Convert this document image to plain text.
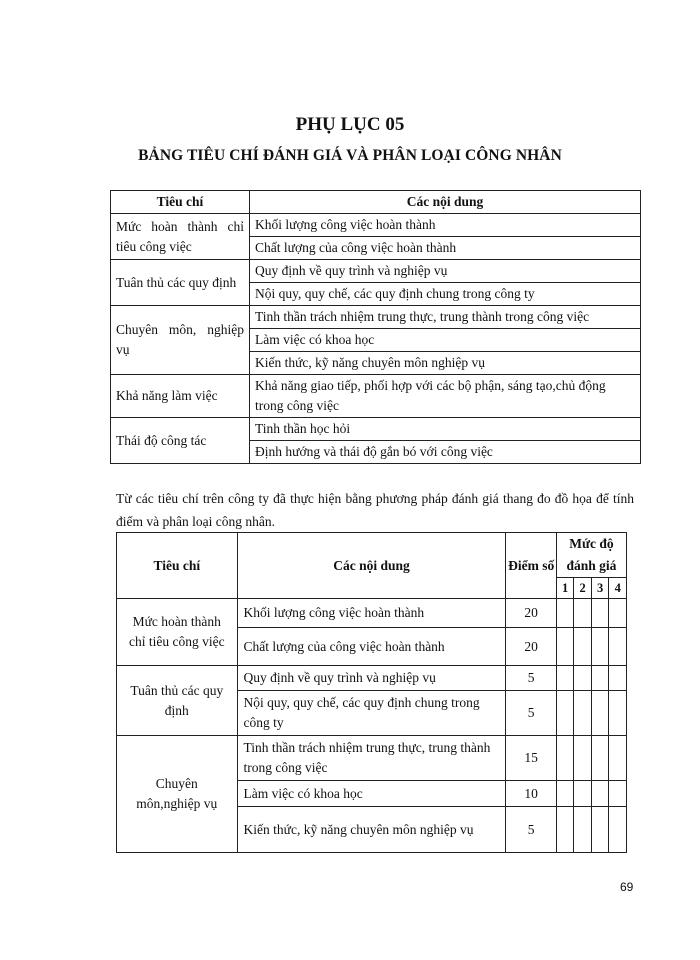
PHỤ LỤC 05
BẢNG TIÊU CHÍ ĐÁNH GIÁ VÀ PHÂN LOẠI CÔNG NHÂN
Tiêu chí	Các nội dung
Mức hoàn thành chỉ tiêu công việc	Khối lượng công việc hoàn thành
	Chất lượng của công việc hoàn thành
Tuân thủ các quy định	Quy định về quy trình và nghiệp vụ
	Nội quy, quy chế, các quy định chung trong công ty
Chuyên môn, nghiệp vụ	Tinh thần trách nhiệm trung thực, trung thành trong công việc
	Làm việc có khoa học
	Kiến thức, kỹ năng chuyên môn nghiệp vụ
Khả năng làm việc	Khả năng giao tiếp, phối hợp với các bộ phận, sáng tạo,chủ động trong công việc
Thái độ công tác	Tinh thần học hỏi
	Định hướng và thái độ gắn bó với công việc
Từ các tiêu chí trên công ty đã thực hiện bằng phương pháp đánh giá thang đo đồ họa để tính điểm và phân loại công nhân.
Tiêu chí	Các nội dung	Điểm số	Mức độ đánh giá			
			1	2	3	4
Mức hoàn thành chỉ tiêu công việc	Khối lượng công việc hoàn thành	20				
	Chất lượng của công việc hoàn thành	20				
Tuân thủ các quy định	Quy định về quy trình và nghiệp vụ	5				
	Nội quy, quy chế, các quy định chung trong công ty	5				
Chuyên môn,nghiệp vụ	Tinh thần trách nhiệm trung thực, trung thành trong công việc	15				
	Làm việc có khoa học	10				
	Kiến thức, kỹ năng chuyên môn nghiệp vụ	5				
69
